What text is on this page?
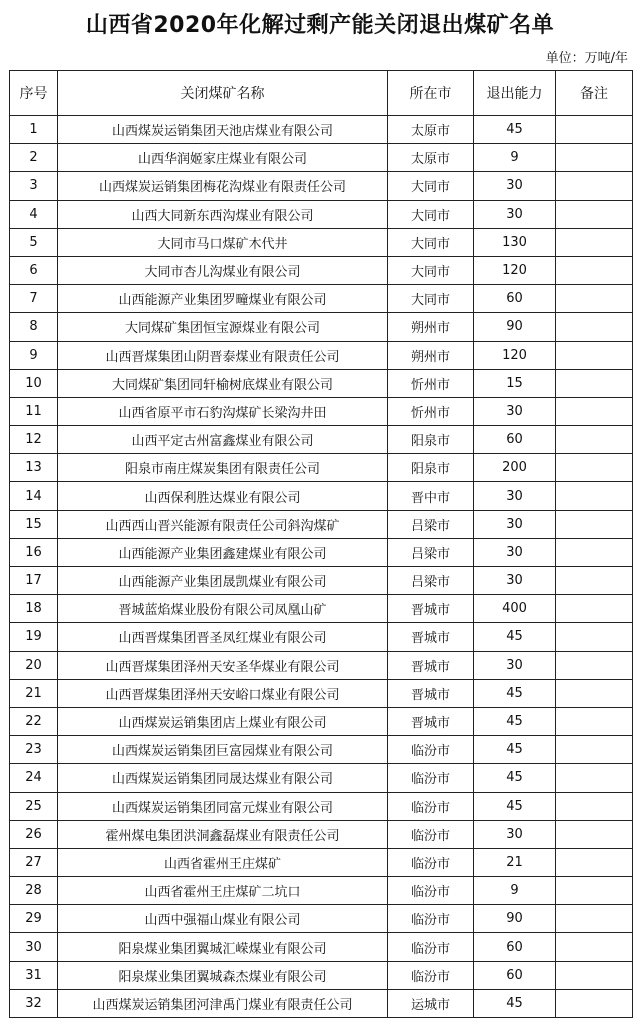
山西省2020年化解过剩产能关闭退出煤矿名单
单位：万吨/年
序号	关闭煤矿名称	所在市	退出能力	备注
1	山西煤炭运销集团天池店煤业有限公司	太原市	45	
2	山西华润姬家庄煤业有限公司	太原市	9	
3	山西煤炭运销集团梅花沟煤业有限责任公司	大同市	30	
4	山西大同新东西沟煤业有限公司	大同市	30	
5	大同市马口煤矿木代井	大同市	130	
6	大同市杏儿沟煤业有限公司	大同市	120	
7	山西能源产业集团罗疃煤业有限公司	大同市	60	
8	大同煤矿集团恒宝源煤业有限公司	朔州市	90	
9	山西晋煤集团山阴晋泰煤业有限责任公司	朔州市	120	
10	大同煤矿集团同轩榆树底煤业有限公司	忻州市	15	
11	山西省原平市石豹沟煤矿长梁沟井田	忻州市	30	
12	山西平定古州富鑫煤业有限公司	阳泉市	60	
13	阳泉市南庄煤炭集团有限责任公司	阳泉市	200	
14	山西保利胜达煤业有限公司	晋中市	30	
15	山西西山晋兴能源有限责任公司斜沟煤矿	吕梁市	30	
16	山西能源产业集团鑫建煤业有限公司	吕梁市	30	
17	山西能源产业集团晟凯煤业有限公司	吕梁市	30	
18	晋城蓝焰煤业股份有限公司凤凰山矿	晋城市	400	
19	山西晋煤集团晋圣凤红煤业有限公司	晋城市	45	
20	山西晋煤集团泽州天安圣华煤业有限公司	晋城市	30	
21	山西晋煤集团泽州天安峪口煤业有限公司	晋城市	45	
22	山西煤炭运销集团店上煤业有限公司	晋城市	45	
23	山西煤炭运销集团巨富园煤业有限公司	临汾市	45	
24	山西煤炭运销集团同晟达煤业有限公司	临汾市	45	
25	山西煤炭运销集团同富元煤业有限公司	临汾市	45	
26	霍州煤电集团洪洞鑫磊煤业有限责任公司	临汾市	30	
27	山西省霍州王庄煤矿	临汾市	21	
28	山西省霍州王庄煤矿二坑口	临汾市	9	
29	山西中强福山煤业有限公司	临汾市	90	
30	阳泉煤业集团翼城汇嵘煤业有限公司	临汾市	60	
31	阳泉煤业集团翼城森杰煤业有限公司	临汾市	60	
32	山西煤炭运销集团河津禹门煤业有限责任公司	运城市	45	
